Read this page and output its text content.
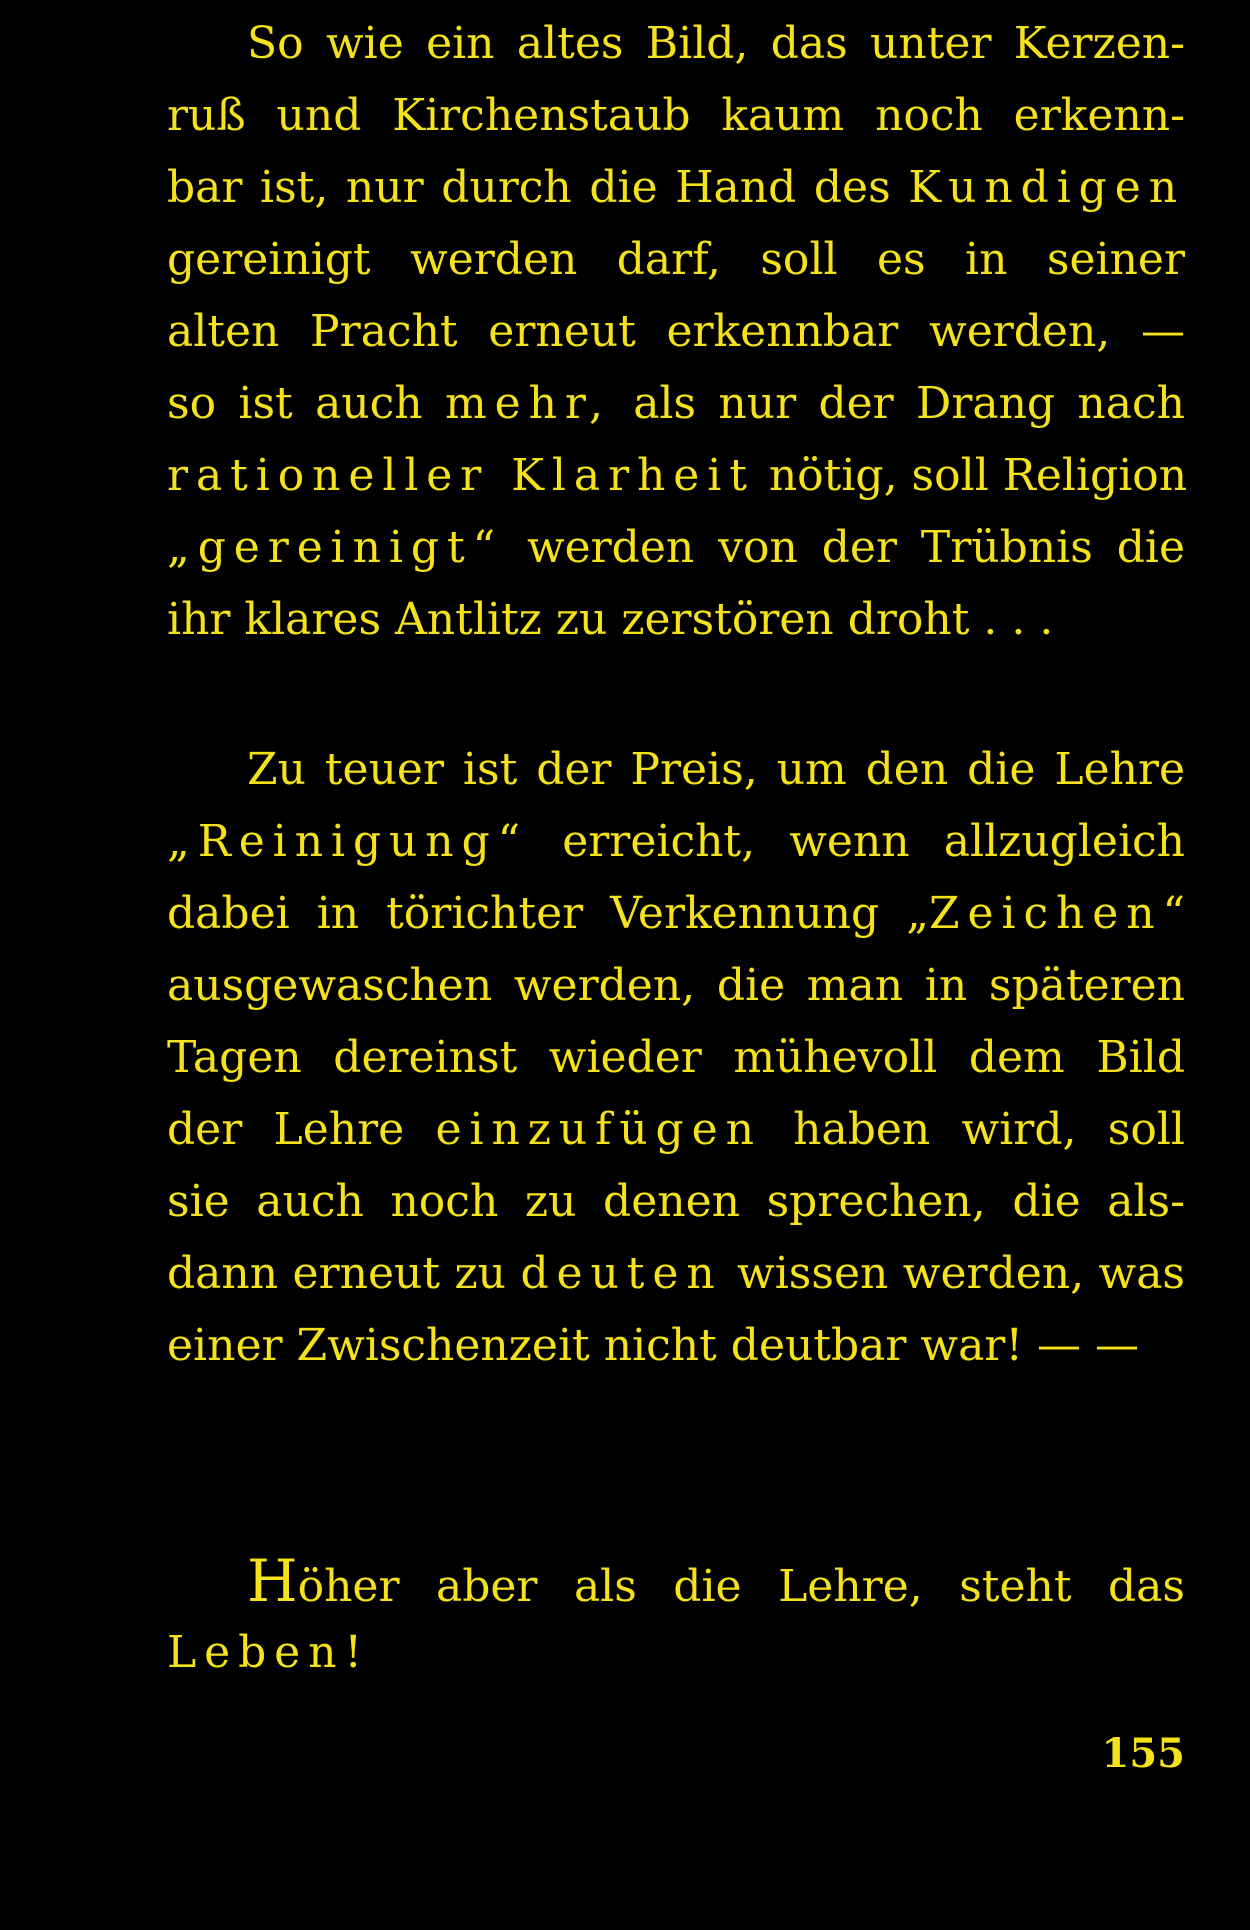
So wie ein altes Bild, das unter Kerzen-
ruß und Kirchenstaub kaum noch erkenn-
bar ist, nur durch die Hand des Kundigen
gereinigt werden darf, soll es in seiner
alten Pracht erneut erkennbar werden, —
so ist auch mehr, als nur der Drang nach
rationeller Klarheit nötig, soll Religion
„gereinigt“ werden von der Trübnis die
ihr klares Antlitz zu zerstören droht . . .
Zu teuer ist der Preis, um den die Lehre
„Reinigung“ erreicht, wenn allzugleich
dabei in törichter Verkennung „Zeichen“
ausgewaschen werden, die man in späteren
Tagen dereinst wieder mühevoll dem Bild
der Lehre einzufügen haben wird, soll
sie auch noch zu denen sprechen, die als-
dann erneut zu deuten wissen werden, was
einer Zwischenzeit nicht deutbar war! — —
Höher aber als die Lehre, steht das
Leben!
155
